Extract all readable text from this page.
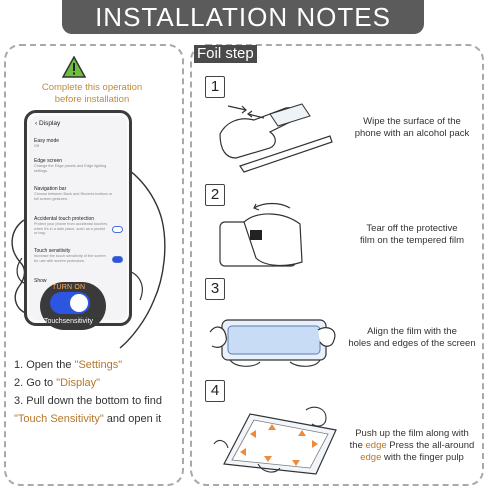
INSTALLATION NOTES
Foil step
Complete this operation
before installation
‹ Display
Easy mode
Off
Edge screen
Change the Edge panels and Edge lighting settings.
Navigation bar
Choose between Back and Recents buttons or full screen gestures.
Accidental touch protection
Protect your phone from accidental touches when it's in a dark place, such as a pocket or bag.
Touch sensitivity
Increase the touch sensitivity of the screen for use with screen protectors.
Show
TURN ON
Touchsensitivity
1. Open the "Settings"
2. Go to "Display"
3. Pull down the bottom to find
"Touch Sensitivity" and open it
1
2
3
4
Wipe the surface of the
phone with an alcohol pack
Tear off the protective
film on the tempered film
Align the film with the
holes and edges of the screen
Push up the film along with
the edge Press the all-around
edge with the finger pulp
